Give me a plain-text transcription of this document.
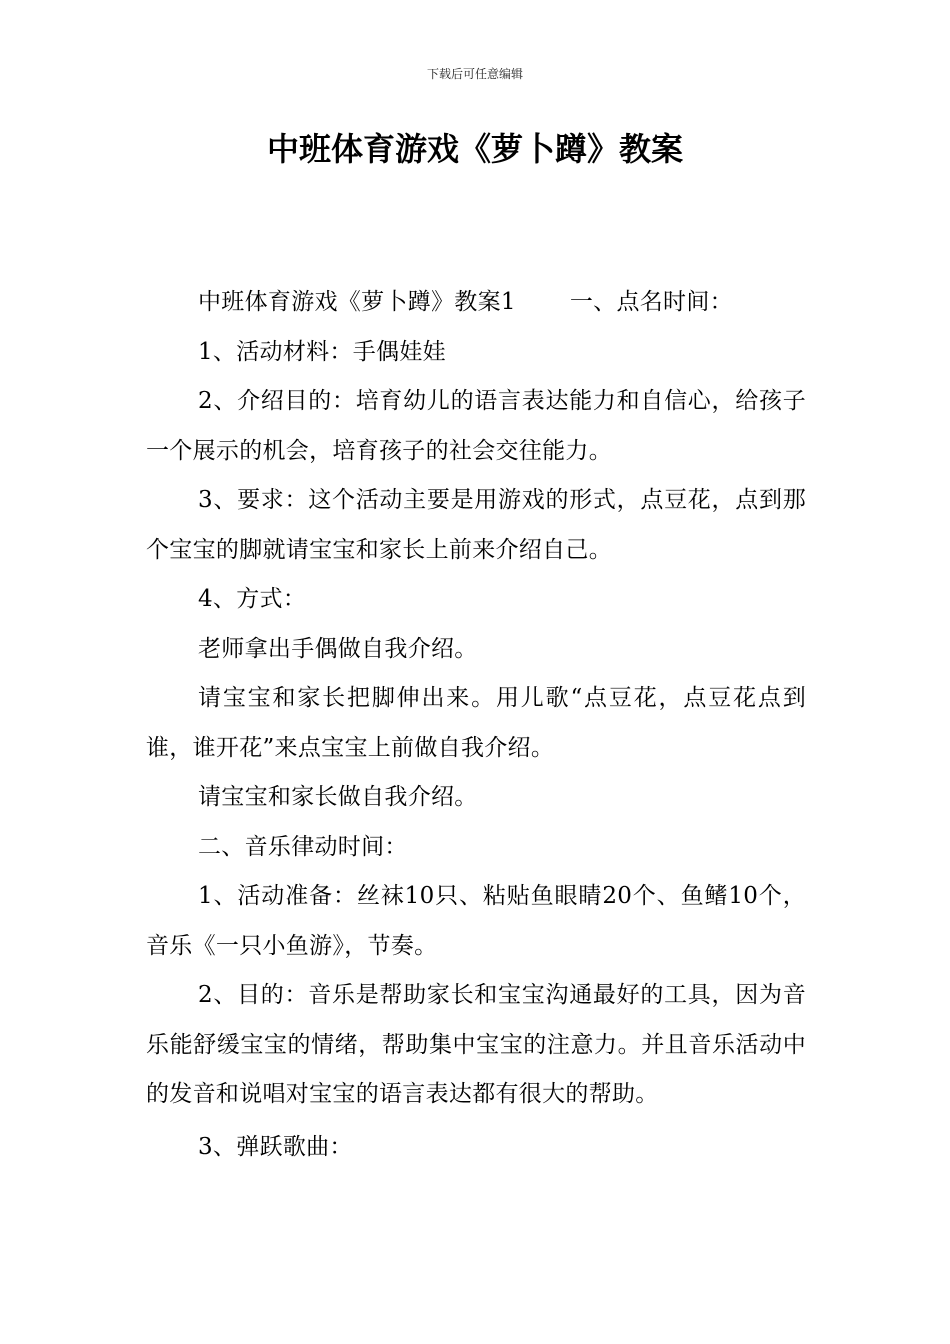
下载后可任意编辑
中班体育游戏《萝卜蹲》教案

中班体育游戏《萝卜蹲》教案1 一、点名时间：

1、活动材料：手偶娃娃

2、介绍目的：培育幼儿的语言表达能力和自信心，给孩子一个展示的机会，培育孩子的社会交往能力。

3、要求：这个活动主要是用游戏的形式，点豆花，点到那个宝宝的脚就请宝宝和家长上前来介绍自己。

4、方式：

老师拿出手偶做自我介绍。

请宝宝和家长把脚伸出来。用儿歌“点豆花，点豆花点到谁，谁开花”来点宝宝上前做自我介绍。

请宝宝和家长做自我介绍。

二、音乐律动时间：

1、活动准备：丝袜10只、粘贴鱼眼睛20个、鱼鳍10个，音乐《一只小鱼游》，节奏。

2、目的：音乐是帮助家长和宝宝沟通最好的工具，因为音乐能舒缓宝宝的情绪，帮助集中宝宝的注意力。并且音乐活动中的发音和说唱对宝宝的语言表达都有很大的帮助。

3、弹跃歌曲：
